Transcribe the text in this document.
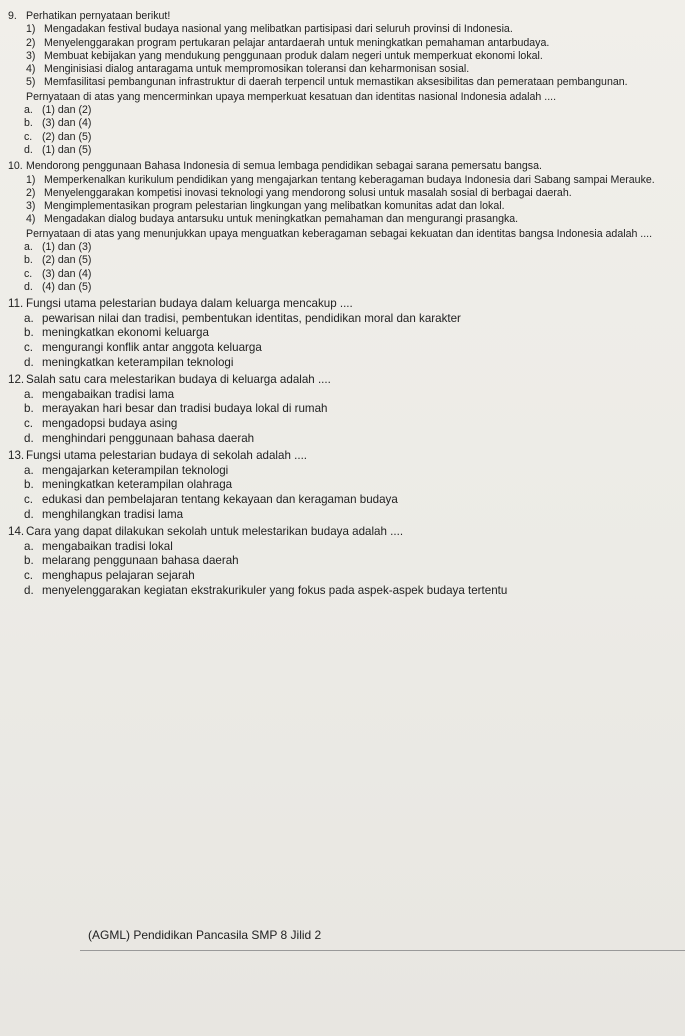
9. Perhatikan pernyataan berikut!
1) Mengadakan festival budaya nasional yang melibatkan partisipasi dari seluruh provinsi di Indonesia.
2) Menyelenggarakan program pertukaran pelajar antardaerah untuk meningkatkan pemahaman antarbudaya.
3) Membuat kebijakan yang mendukung penggunaan produk dalam negeri untuk memperkuat ekonomi lokal.
4) Menginisiasi dialog antaragama untuk mempromosikan toleransi dan keharmonisan sosial.
5) Memfasilitasi pembangunan infrastruktur di daerah terpencil untuk memastikan aksesibilitas dan pemerataan pembangunan.
Pernyataan di atas yang mencerminkan upaya memperkuat kesatuan dan identitas nasional Indonesia adalah ....
a. (1) dan (2)
b. (3) dan (4)
c. (2) dan (5)
d. (1) dan (5)
10. Mendorong penggunaan Bahasa Indonesia di semua lembaga pendidikan sebagai sarana pemersatu bangsa.
1) Memperkenalkan kurikulum pendidikan yang mengajarkan tentang keberagaman budaya Indonesia dari Sabang sampai Merauke.
2) Menyelenggarakan kompetisi inovasi teknologi yang mendorong solusi untuk masalah sosial di berbagai daerah.
3) Mengimplementasikan program pelestarian lingkungan yang melibatkan komunitas adat dan lokal.
4) Mengadakan dialog budaya antarsuku untuk meningkatkan pemahaman dan mengurangi prasangka.
Pernyataan di atas yang menunjukkan upaya menguatkan keberagaman sebagai kekuatan dan identitas bangsa Indonesia adalah ....
a. (1) dan (3)
b. (2) dan (5)
c. (3) dan (4)
d. (4) dan (5)
11. Fungsi utama pelestarian budaya dalam keluarga mencakup ....
a. pewarisan nilai dan tradisi, pembentukan identitas, pendidikan moral dan karakter
b. meningkatkan ekonomi keluarga
c. mengurangi konflik antar anggota keluarga
d. meningkatkan keterampilan teknologi
12. Salah satu cara melestarikan budaya di keluarga adalah ....
a. mengabaikan tradisi lama
b. merayakan hari besar dan tradisi budaya lokal di rumah
c. mengadopsi budaya asing
d. menghindari penggunaan bahasa daerah
13. Fungsi utama pelestarian budaya di sekolah adalah ....
a. mengajarkan keterampilan teknologi
b. meningkatkan keterampilan olahraga
c. edukasi dan pembelajaran tentang kekayaan dan keragaman budaya
d. menghilangkan tradisi lama
14. Cara yang dapat dilakukan sekolah untuk melestarikan budaya adalah ....
a. mengabaikan tradisi lokal
b. melarang penggunaan bahasa daerah
c. menghapus pelajaran sejarah
d. menyelenggarakan kegiatan ekstrakurikuler yang fokus pada aspek-aspek budaya tertentu
(AGML) Pendidikan Pancasila SMP 8 Jilid 2
